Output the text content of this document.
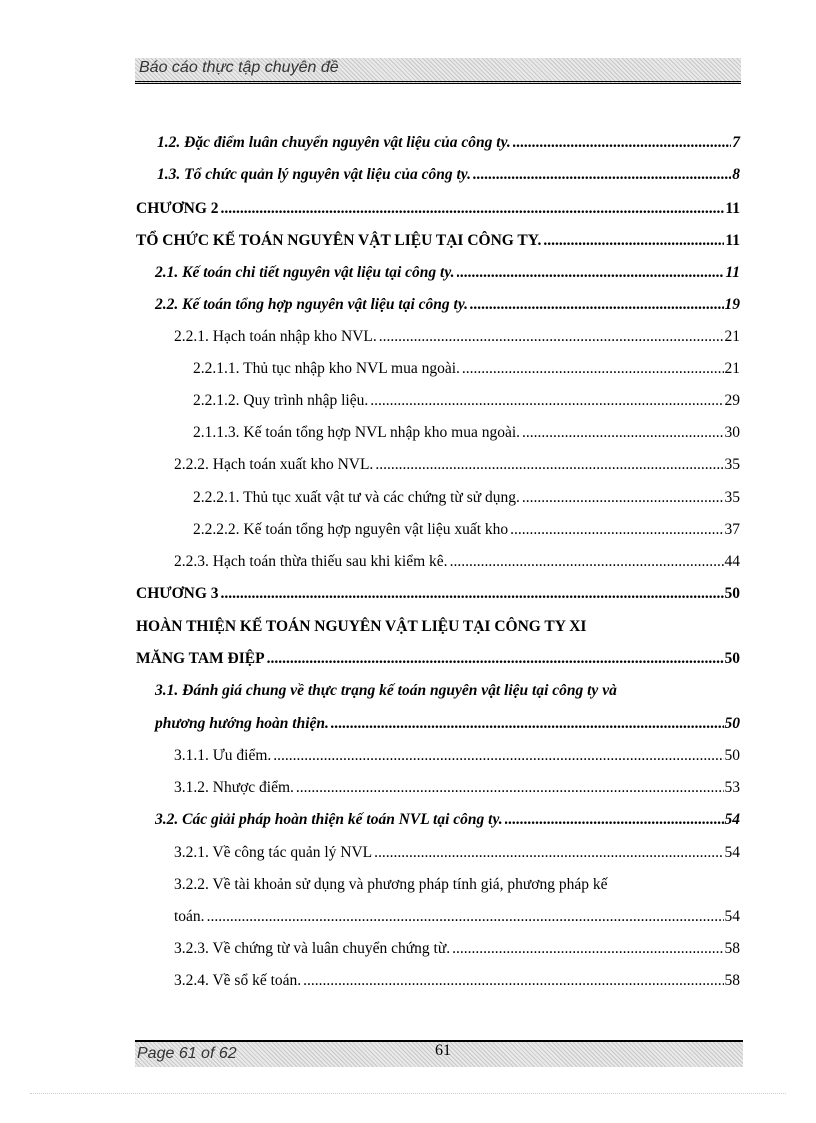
Báo cáo thực tập chuyên đề
1.2. Đặc điểm luân chuyển nguyên vật liệu của công ty. .....	7
1.3. Tổ chức quản lý nguyên vật liệu của công ty. .....	8
CHƯƠNG 2 .....	11
TỔ CHỨC KẾ TOÁN NGUYÊN VẬT LIỆU TẠI CÔNG TY. .....	11
2.1. Kế toán chi tiết nguyên vật liệu tại công ty. .....	11
2.2. Kế toán tổng hợp nguyên vật liệu tại công ty. .....	19
2.2.1. Hạch toán nhập kho NVL. .....	21
2.2.1.1. Thủ tục nhập kho NVL mua ngoài. .....	21
2.2.1.2. Quy trình nhập liệu. .....	29
2.1.1.3. Kế toán tổng hợp NVL nhập kho mua ngoài. .....	30
2.2.2. Hạch toán xuất kho NVL. .....	35
2.2.2.1. Thủ tục xuất vật tư và các chứng từ sử dụng. .....	35
2.2.2.2. Kế toán tổng hợp nguyên vật liệu xuất kho .....	37
2.2.3. Hạch toán thừa thiếu sau khi kiểm kê. .....	44
CHƯƠNG 3 .....	50
HOÀN THIỆN KẾ TOÁN NGUYÊN VẬT LIỆU TẠI CÔNG TY XI
MĂNG TAM ĐIỆP .....	50
3.1. Đánh giá chung về thực trạng kế toán nguyên vật liệu tại công ty và
phương hướng hoàn thiện. .....	50
3.1.1. Ưu điểm. .....	50
3.1.2. Nhược điểm. .....	53
3.2. Các giải pháp hoàn thiện kế toán NVL tại công ty. .....	54
3.2.1. Về công tác quản lý NVL .....	54
3.2.2. Về tài khoản sử dụng và phương pháp tính giá, phương pháp kế
toán. .....	54
3.2.3. Về chứng từ và luân chuyển chứng từ. .....	58
3.2.4. Về sổ kế toán. .....	58
Page 61 of 62	61
